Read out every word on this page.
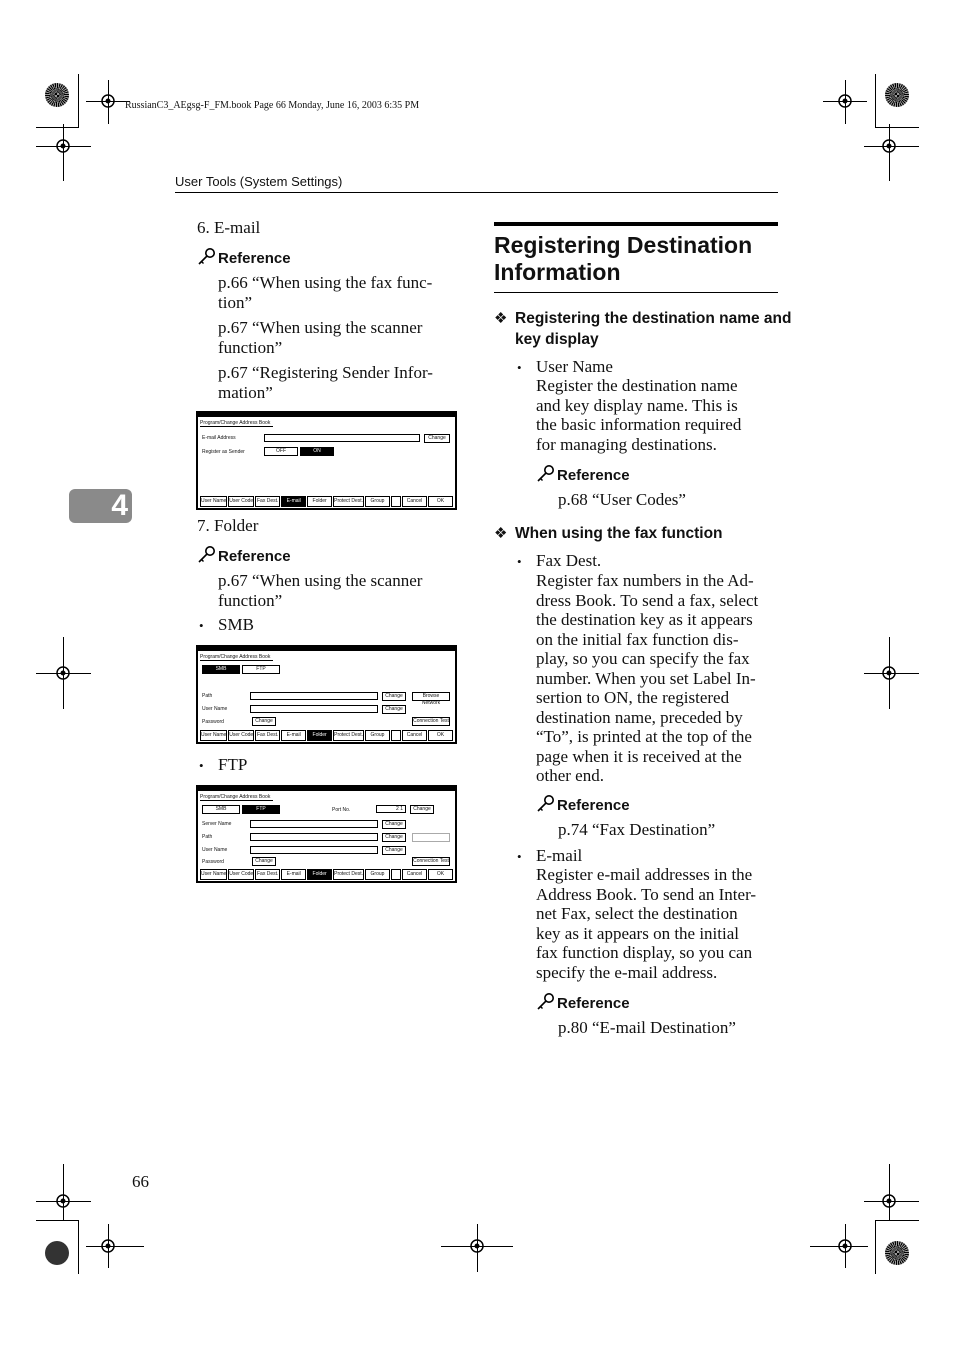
RussianC3_AEgsg-F_FM.book Page 66 Monday, June 16, 2003 6:35 PM
User Tools (System Settings)
4
6. E-mail
Reference
p.66 “When using the fax func-
tion”
p.67 “When using the scanner
function”
p.67 “Registering Sender Infor-
mation”
Program/Change Address Book
E-mail Address	Change
Register as Sender	OFF	ON
User Name User Code Fax Dest.	E-mail	Folder	Protect Dest.	Group	Cancel	OK
7. Folder
Reference
p.67 “When using the scanner
function”
• SMB
Program/Change Address Book
SMB	FTP
Path	Change	Browse Network
User Name	Change
Password	Change	Connection Test
User Name User Code Fax Dest.	E-mail	Folder	Protect Dest.	Group	Cancel	OK
• FTP
Program/Change Address Book
SMB	FTP	Port No.	2 1	Change
Server Name	Change
Path	Change
User Name	Change
Password	Change	Connection Test
User Name User Code Fax Dest.	E-mail	Folder	Protect Dest.	Group	Cancel	OK
Registering Destination
Information
❖ Registering the destination name and
key display
• User Name
Register the destination name
and key display name. This is
the basic information required
for managing destinations.
Reference
p.68 “User Codes”
❖ When using the fax function
• Fax Dest.
Register fax numbers in the Ad-
dress Book. To send a fax, select
the destination key as it appears
on the initial fax function dis-
play, so you can specify the fax
number. When you set Label In-
sertion to ON, the registered
destination name, preceded by
“To”, is printed at the top of the
page when it is received at the
other end.
Reference
p.74 “Fax Destination”
• E-mail
Register e-mail addresses in the
Address Book. To send an Inter-
net Fax, select the destination
key as it appears on the initial
fax function display, so you can
specify the e-mail address.
Reference
p.80 “E-mail Destination”
66
